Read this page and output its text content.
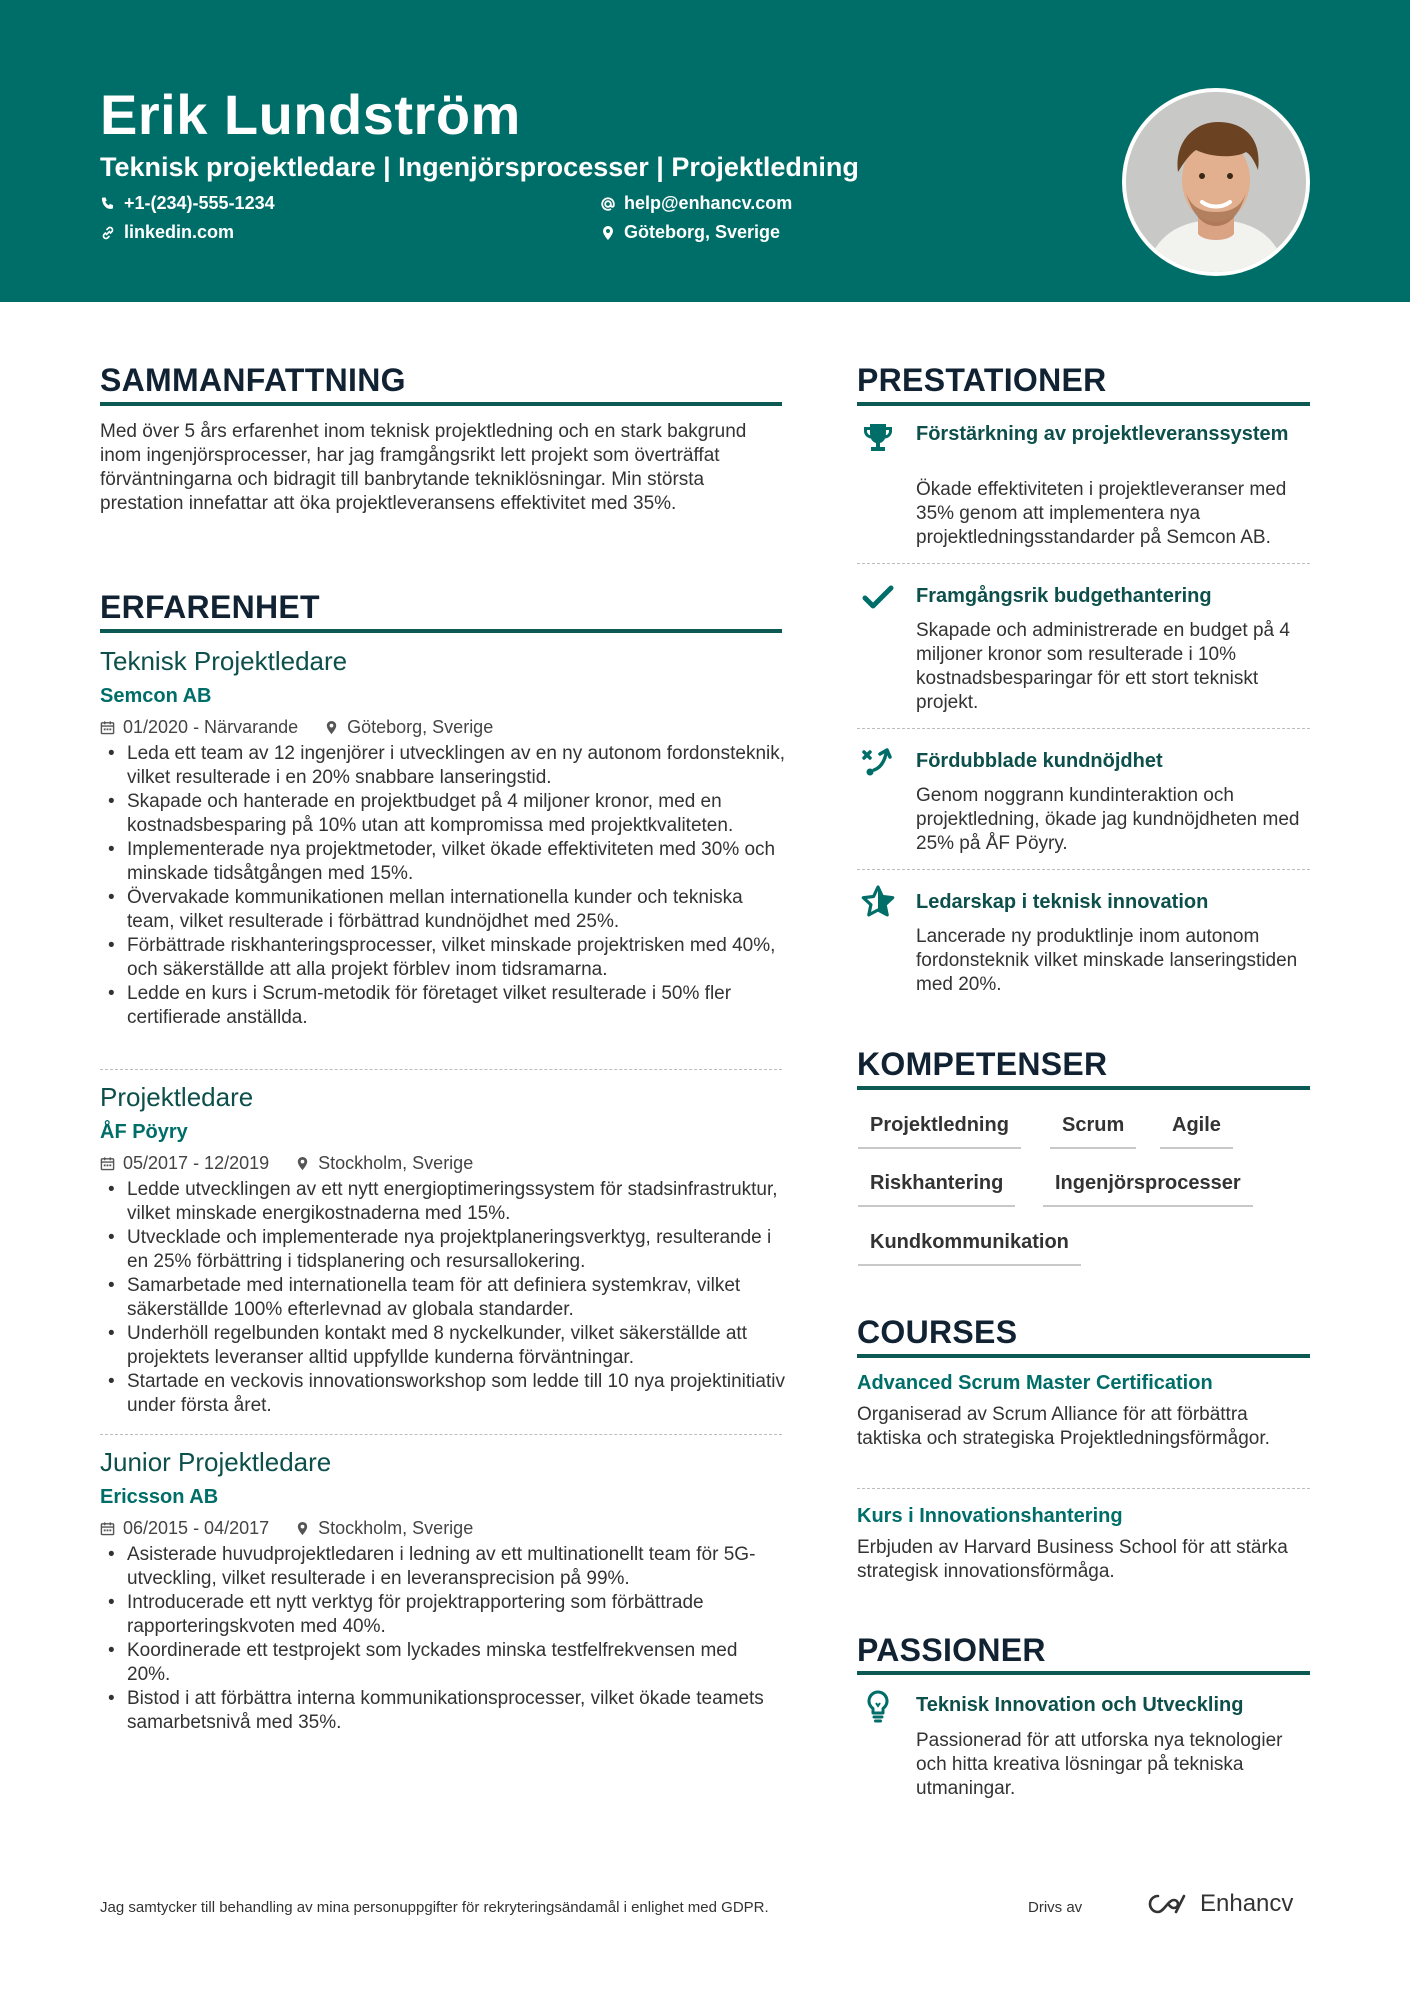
Erik Lundström
Teknisk projektledare | Ingenjörsprocesser | Projektledning
+1-(234)-555-1234	help@enhancv.com
linkedin.com	Göteborg, Sverige
SAMMANFATTNING
Med över 5 års erfarenhet inom teknisk projektledning och en stark bakgrund inom ingenjörsprocesser, har jag framgångsrikt lett projekt som överträffat förväntningarna och bidragit till banbrytande tekniklösningar. Min största prestation innefattar att öka projektleveransens effektivitet med 35%.
ERFARENHET
Teknisk Projektledare
Semcon AB
01/2020 - Närvarande	Göteborg, Sverige
• Leda ett team av 12 ingenjörer i utvecklingen av en ny autonom fordonsteknik, vilket resulterade i en 20% snabbare lanseringstid.
• Skapade och hanterade en projektbudget på 4 miljoner kronor, med en kostnadsbesparing på 10% utan att kompromissa med projektkvaliteten.
• Implementerade nya projektmetoder, vilket ökade effektiviteten med 30% och minskade tidsåtgången med 15%.
• Övervakade kommunikationen mellan internationella kunder och tekniska team, vilket resulterade i förbättrad kundnöjdhet med 25%.
• Förbättrade riskhanteringsprocesser, vilket minskade projektrisken med 40%, och säkerställde att alla projekt förblev inom tidsramarna.
• Ledde en kurs i Scrum-metodik för företaget vilket resulterade i 50% fler certifierade anställda.
Projektledare
ÅF Pöyry
05/2017 - 12/2019	Stockholm, Sverige
• Ledde utvecklingen av ett nytt energioptimeringssystem för stadsinfrastruktur, vilket minskade energikostnaderna med 15%.
• Utvecklade och implementerade nya projektplaneringsverktyg, resulterande i en 25% förbättring i tidsplanering och resursallokering.
• Samarbetade med internationella team för att definiera systemkrav, vilket säkerställde 100% efterlevnad av globala standarder.
• Underhöll regelbunden kontakt med 8 nyckelkunder, vilket säkerställde att projektets leveranser alltid uppfyllde kunderna förväntningar.
• Startade en veckovis innovationsworkshop som ledde till 10 nya projektinitiativ under första året.
Junior Projektledare
Ericsson AB
06/2015 - 04/2017	Stockholm, Sverige
• Asisterade huvudprojektledaren i ledning av ett multinationellt team för 5G-utveckling, vilket resulterade i en leveransprecision på 99%.
• Introducerade ett nytt verktyg för projektrapportering som förbättrade rapporteringskvoten med 40%.
• Koordinerade ett testprojekt som lyckades minska testfelfrekvensen med 20%.
• Bistod i att förbättra interna kommunikationsprocesser, vilket ökade teamets samarbetsnivå med 35%.
PRESTATIONER
Förstärkning av projektleveranssystem
Ökade effektiviteten i projektleveranser med 35% genom att implementera nya projektledningsstandarder på Semcon AB.
Framgångsrik budgethantering
Skapade och administrerade en budget på 4 miljoner kronor som resulterade i 10% kostnadsbesparingar för ett stort tekniskt projekt.
Fördubblade kundnöjdhet
Genom noggrann kundinteraktion och projektledning, ökade jag kundnöjdheten med 25% på ÅF Pöyry.
Ledarskap i teknisk innovation
Lancerade ny produktlinje inom autonom fordonsteknik vilket minskade lanseringstiden med 20%.
KOMPETENSER
Projektledning	Scrum	Agile
Riskhantering	Ingenjörsprocesser
Kundkommunikation
COURSES
Advanced Scrum Master Certification
Organiserad av Scrum Alliance för att förbättra taktiska och strategiska Projektledningsförmågor.
Kurs i Innovationshantering
Erbjuden av Harvard Business School för att stärka strategisk innovationsförmåga.
PASSIONER
Teknisk Innovation och Utveckling
Passionerad för att utforska nya teknologier och hitta kreativa lösningar på tekniska utmaningar.
Jag samtycker till behandling av mina personuppgifter för rekryteringsändamål i enlighet med GDPR.	Drivs av	Enhancv
